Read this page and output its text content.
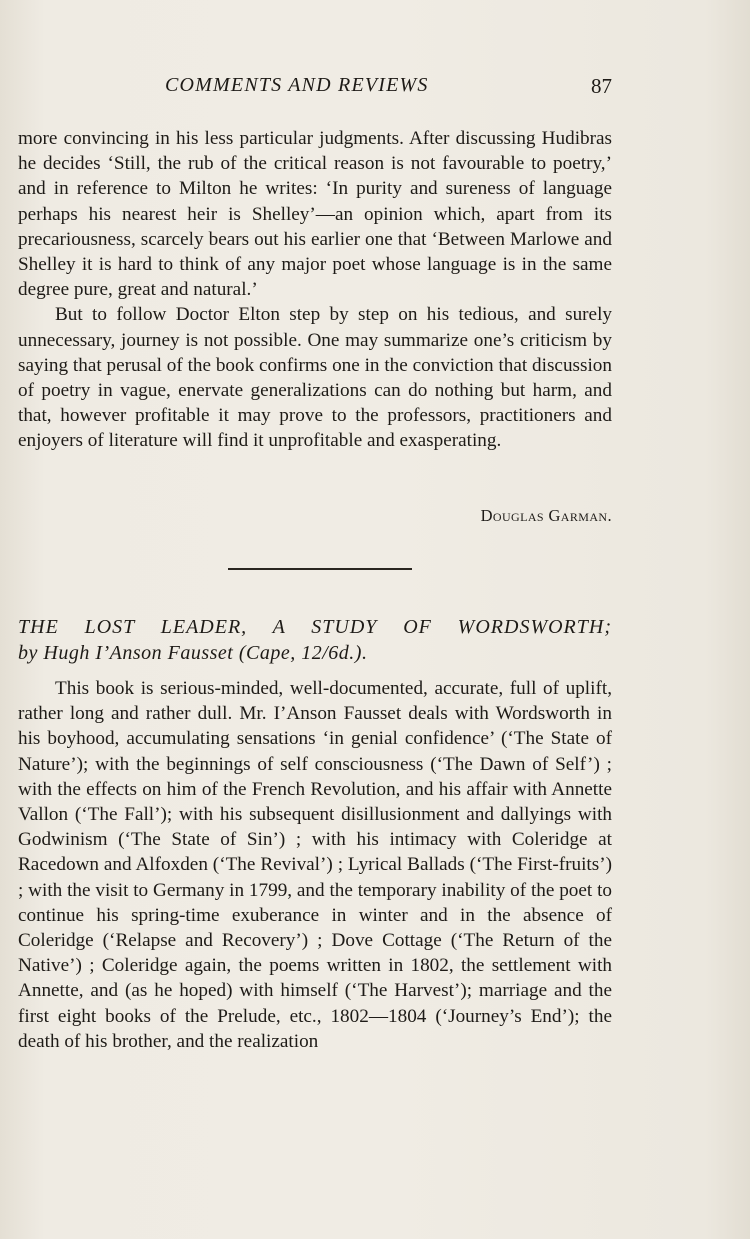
COMMENTS AND REVIEWS	87

more convincing in his less particular judgments. After discussing Hudibras he decides ‘Still, the rub of the critical reason is not favourable to poetry,’ and in reference to Milton he writes: ‘In purity and sureness of language perhaps his nearest heir is Shelley’—an opinion which, apart from its precariousness, scarcely bears out his earlier one that ‘Between Marlowe and Shelley it is hard to think of any major poet whose language is in the same degree pure, great and natural.’

But to follow Doctor Elton step by step on his tedious, and surely unnecessary, journey is not possible. One may summarize one’s criticism by saying that perusal of the book confirms one in the conviction that discussion of poetry in vague, enervate generalizations can do nothing but harm, and that, however profitable it may prove to the professors, practitioners and enjoyers of literature will find it unprofitable and exasperating.

Douglas Garman.
THE LOST LEADER, A STUDY OF WORDSWORTH;
by Hugh I’Anson Fausset (Cape, 12/6d.).

This book is serious-minded, well-documented, accurate, full of uplift, rather long and rather dull. Mr. I’Anson Fausset deals with Wordsworth in his boyhood, accumulating sensations ‘in genial confidence’ (‘The State of Nature’); with the beginnings of self consciousness (‘The Dawn of Self’) ; with the effects on him of the French Revolution, and his affair with Annette Vallon (‘The Fall’); with his subsequent disillusionment and dallyings with Godwinism (‘The State of Sin’) ; with his intimacy with Coleridge at Racedown and Alfoxden (‘The Revival’) ; Lyrical Ballads (‘The First-fruits’) ; with the visit to Germany in 1799, and the temporary inability of the poet to continue his spring-time exuberance in winter and in the absence of Coleridge (‘Relapse and Recovery’) ; Dove Cottage (‘The Return of the Native’) ; Coleridge again, the poems written in 1802, the settlement with Annette, and (as he hoped) with himself (‘The Harvest’); marriage and the first eight books of the Prelude, etc., 1802—1804 (‘Journey’s End’); the death of his brother, and the realization
